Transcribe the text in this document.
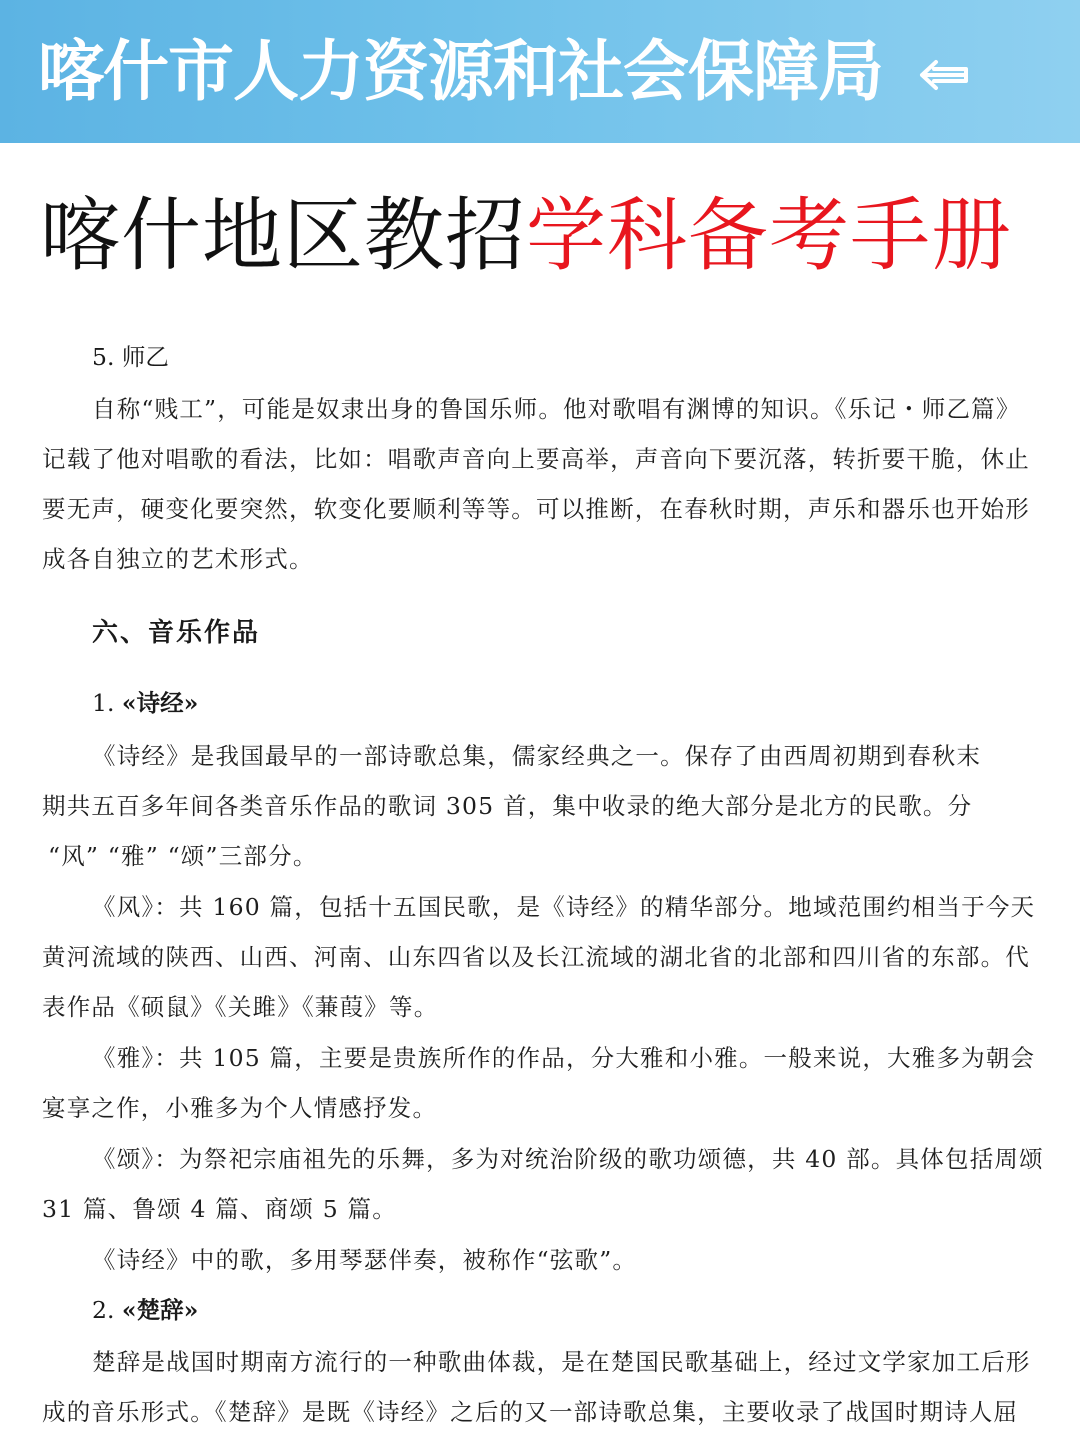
喀什市人力资源和社会保障局
喀什地区教招学科备考手册
5. 师乙
自称“贱工”，可能是奴隶出身的鲁国乐师。他对歌唱有渊博的知识。《乐记・师乙篇》
记载了他对唱歌的看法，比如：唱歌声音向上要高举，声音向下要沉落，转折要干脆，休止
要无声，硬变化要突然，软变化要顺利等等。可以推断，在春秋时期，声乐和器乐也开始形
成各自独立的艺术形式。
六、音乐作品
1. «诗经»
《诗经》是我国最早的一部诗歌总集，儒家经典之一。保存了由西周初期到春秋末
期共五百多年间各类音乐作品的歌词 305 首，集中收录的绝大部分是北方的民歌。分
“风” “雅” “颂”三部分。
《风》：共 160 篇，包括十五国民歌，是《诗经》的精华部分。地域范围约相当于今天
黄河流域的陕西、山西、河南、山东四省以及长江流域的湖北省的北部和四川省的东部。代
表作品《硕鼠》《关雎》《蒹葭》等。
《雅》：共 105 篇，主要是贵族所作的作品，分大雅和小雅。一般来说，大雅多为朝会
宴享之作，小雅多为个人情感抒发。
《颂》：为祭祀宗庙祖先的乐舞，多为对统治阶级的歌功颂德，共 40 部。具体包括周颂
31 篇、鲁颂 4 篇、商颂 5 篇。
《诗经》中的歌，多用琴瑟伴奏，被称作“弦歌”。
2. «楚辞»
楚辞是战国时期南方流行的一种歌曲体裁，是在楚国民歌基础上，经过文学家加工后形
成的音乐形式。《楚辞》是既《诗经》之后的又一部诗歌总集，主要收录了战国时期诗人屈
